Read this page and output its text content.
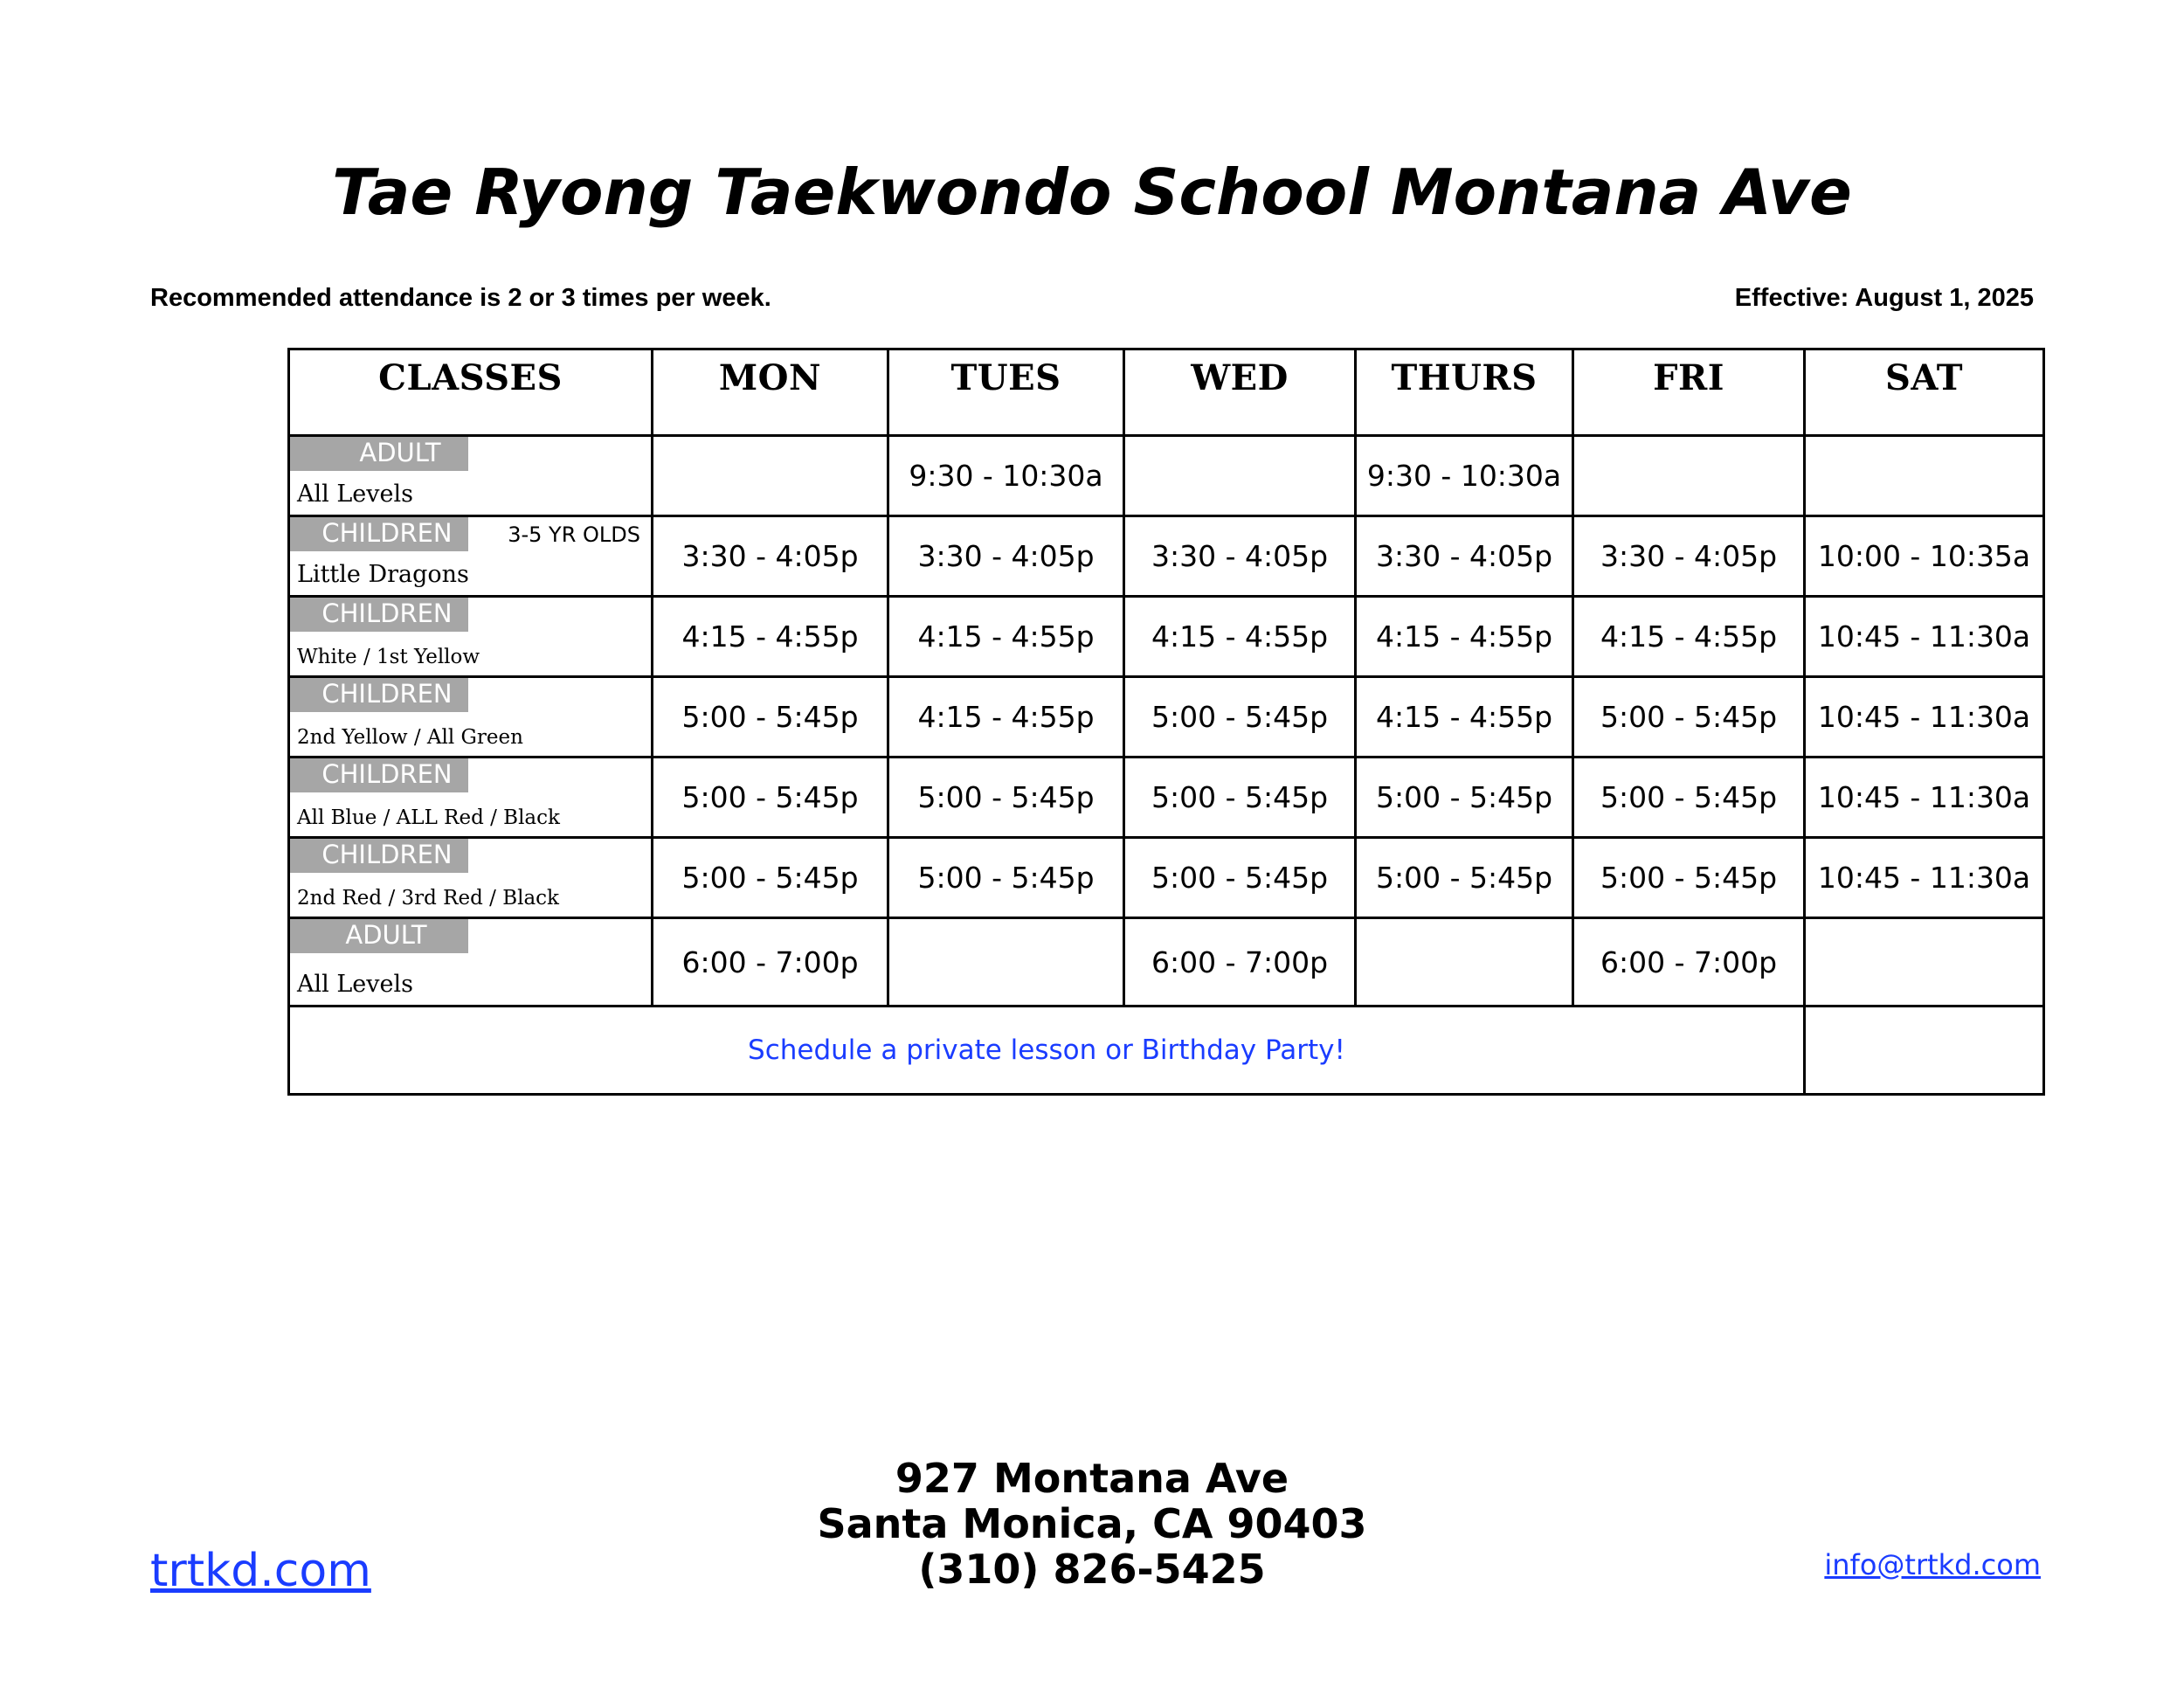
Tae Ryong Taekwondo School Montana Ave
Recommended attendance is 2 or 3 times per week.	Effective: August 1, 2025
CLASSES	MON	TUES	WED	THURS	FRI	SAT

ADULT
All Levels		9:30 - 10:30a		9:30 - 10:30a		

CHILDREN 3-5 YR OLDS
Little Dragons	3:30 - 4:05p	3:30 - 4:05p	3:30 - 4:05p	3:30 - 4:05p	3:30 - 4:05p	10:00 - 10:35a

CHILDREN
White / 1st Yellow	4:15 - 4:55p	4:15 - 4:55p	4:15 - 4:55p	4:15 - 4:55p	4:15 - 4:55p	10:45 - 11:30a

CHILDREN
2nd Yellow / All Green	5:00 - 5:45p	4:15 - 4:55p	5:00 - 5:45p	4:15 - 4:55p	5:00 - 5:45p	10:45 - 11:30a

CHILDREN
All Blue / ALL Red / Black	5:00 - 5:45p	5:00 - 5:45p	5:00 - 5:45p	5:00 - 5:45p	5:00 - 5:45p	10:45 - 11:30a

CHILDREN
2nd Red / 3rd Red / Black	5:00 - 5:45p	5:00 - 5:45p	5:00 - 5:45p	5:00 - 5:45p	5:00 - 5:45p	10:45 - 11:30a

ADULT
All Levels	6:00 - 7:00p		6:00 - 7:00p		6:00 - 7:00p	
Schedule a private lesson or Birthday Party!						
927 Montana Ave
Santa Monica, CA 90403
(310) 826-5425
trtkd.com	info@trtkd.com
